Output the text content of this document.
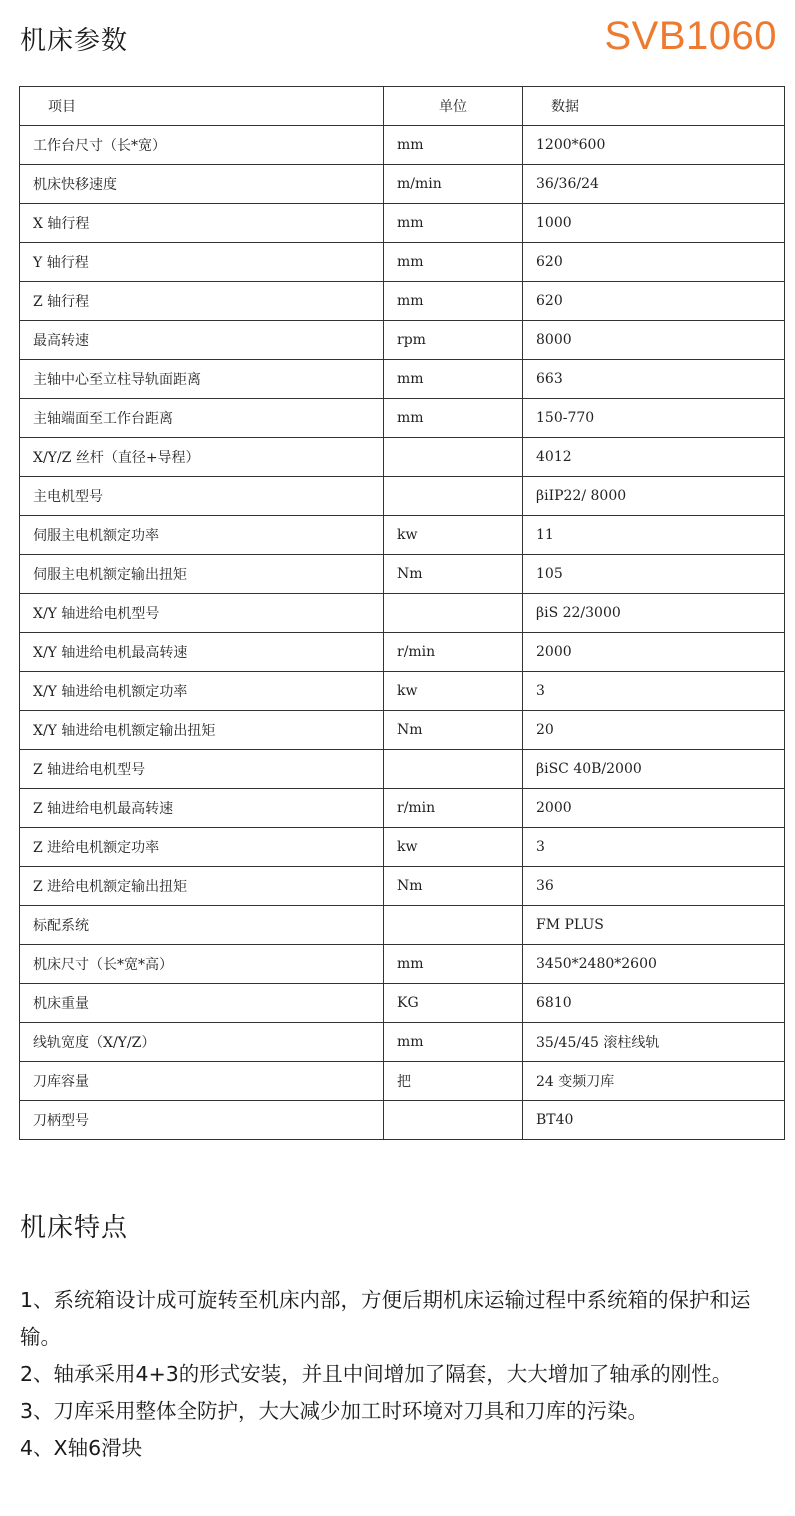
机床参数	SVB1060
项目	单位	数据
工作台尺寸（长*宽）	mm	1200*600
机床快移速度	m/min	36/36/24
X 轴行程	mm	1000
Y 轴行程	mm	620
Z 轴行程	mm	620
最高转速	rpm	8000
主轴中心至立柱导轨面距离	mm	663
主轴端面至工作台距离	mm	150-770
X/Y/Z 丝杆（直径+导程）		4012
主电机型号		βiIP22/ 8000
伺服主电机额定功率	kw	11
伺服主电机额定输出扭矩	Nm	105
X/Y 轴进给电机型号		βiS 22/3000
X/Y 轴进给电机最高转速	r/min	2000
X/Y 轴进给电机额定功率	kw	3
X/Y 轴进给电机额定输出扭矩	Nm	20
Z 轴进给电机型号		βiSC 40B/2000
Z 轴进给电机最高转速	r/min	2000
Z 进给电机额定功率	kw	3
Z 进给电机额定输出扭矩	Nm	36
标配系统		FM PLUS
机床尺寸（长*宽*高）	mm	3450*2480*2600
机床重量	KG	6810
线轨宽度（X/Y/Z）	mm	35/45/45 滚柱线轨
刀库容量	把	24 变频刀库
刀柄型号		BT40
机床特点

1、系统箱设计成可旋转至机床内部，方便后期机床运输过程中系统箱的保护和运输。

2、轴承采用4+3的形式安装，并且中间增加了隔套，大大增加了轴承的刚性。

3、刀库采用整体全防护，大大减少加工时环境对刀具和刀库的污染。

4、X轴6滑块
